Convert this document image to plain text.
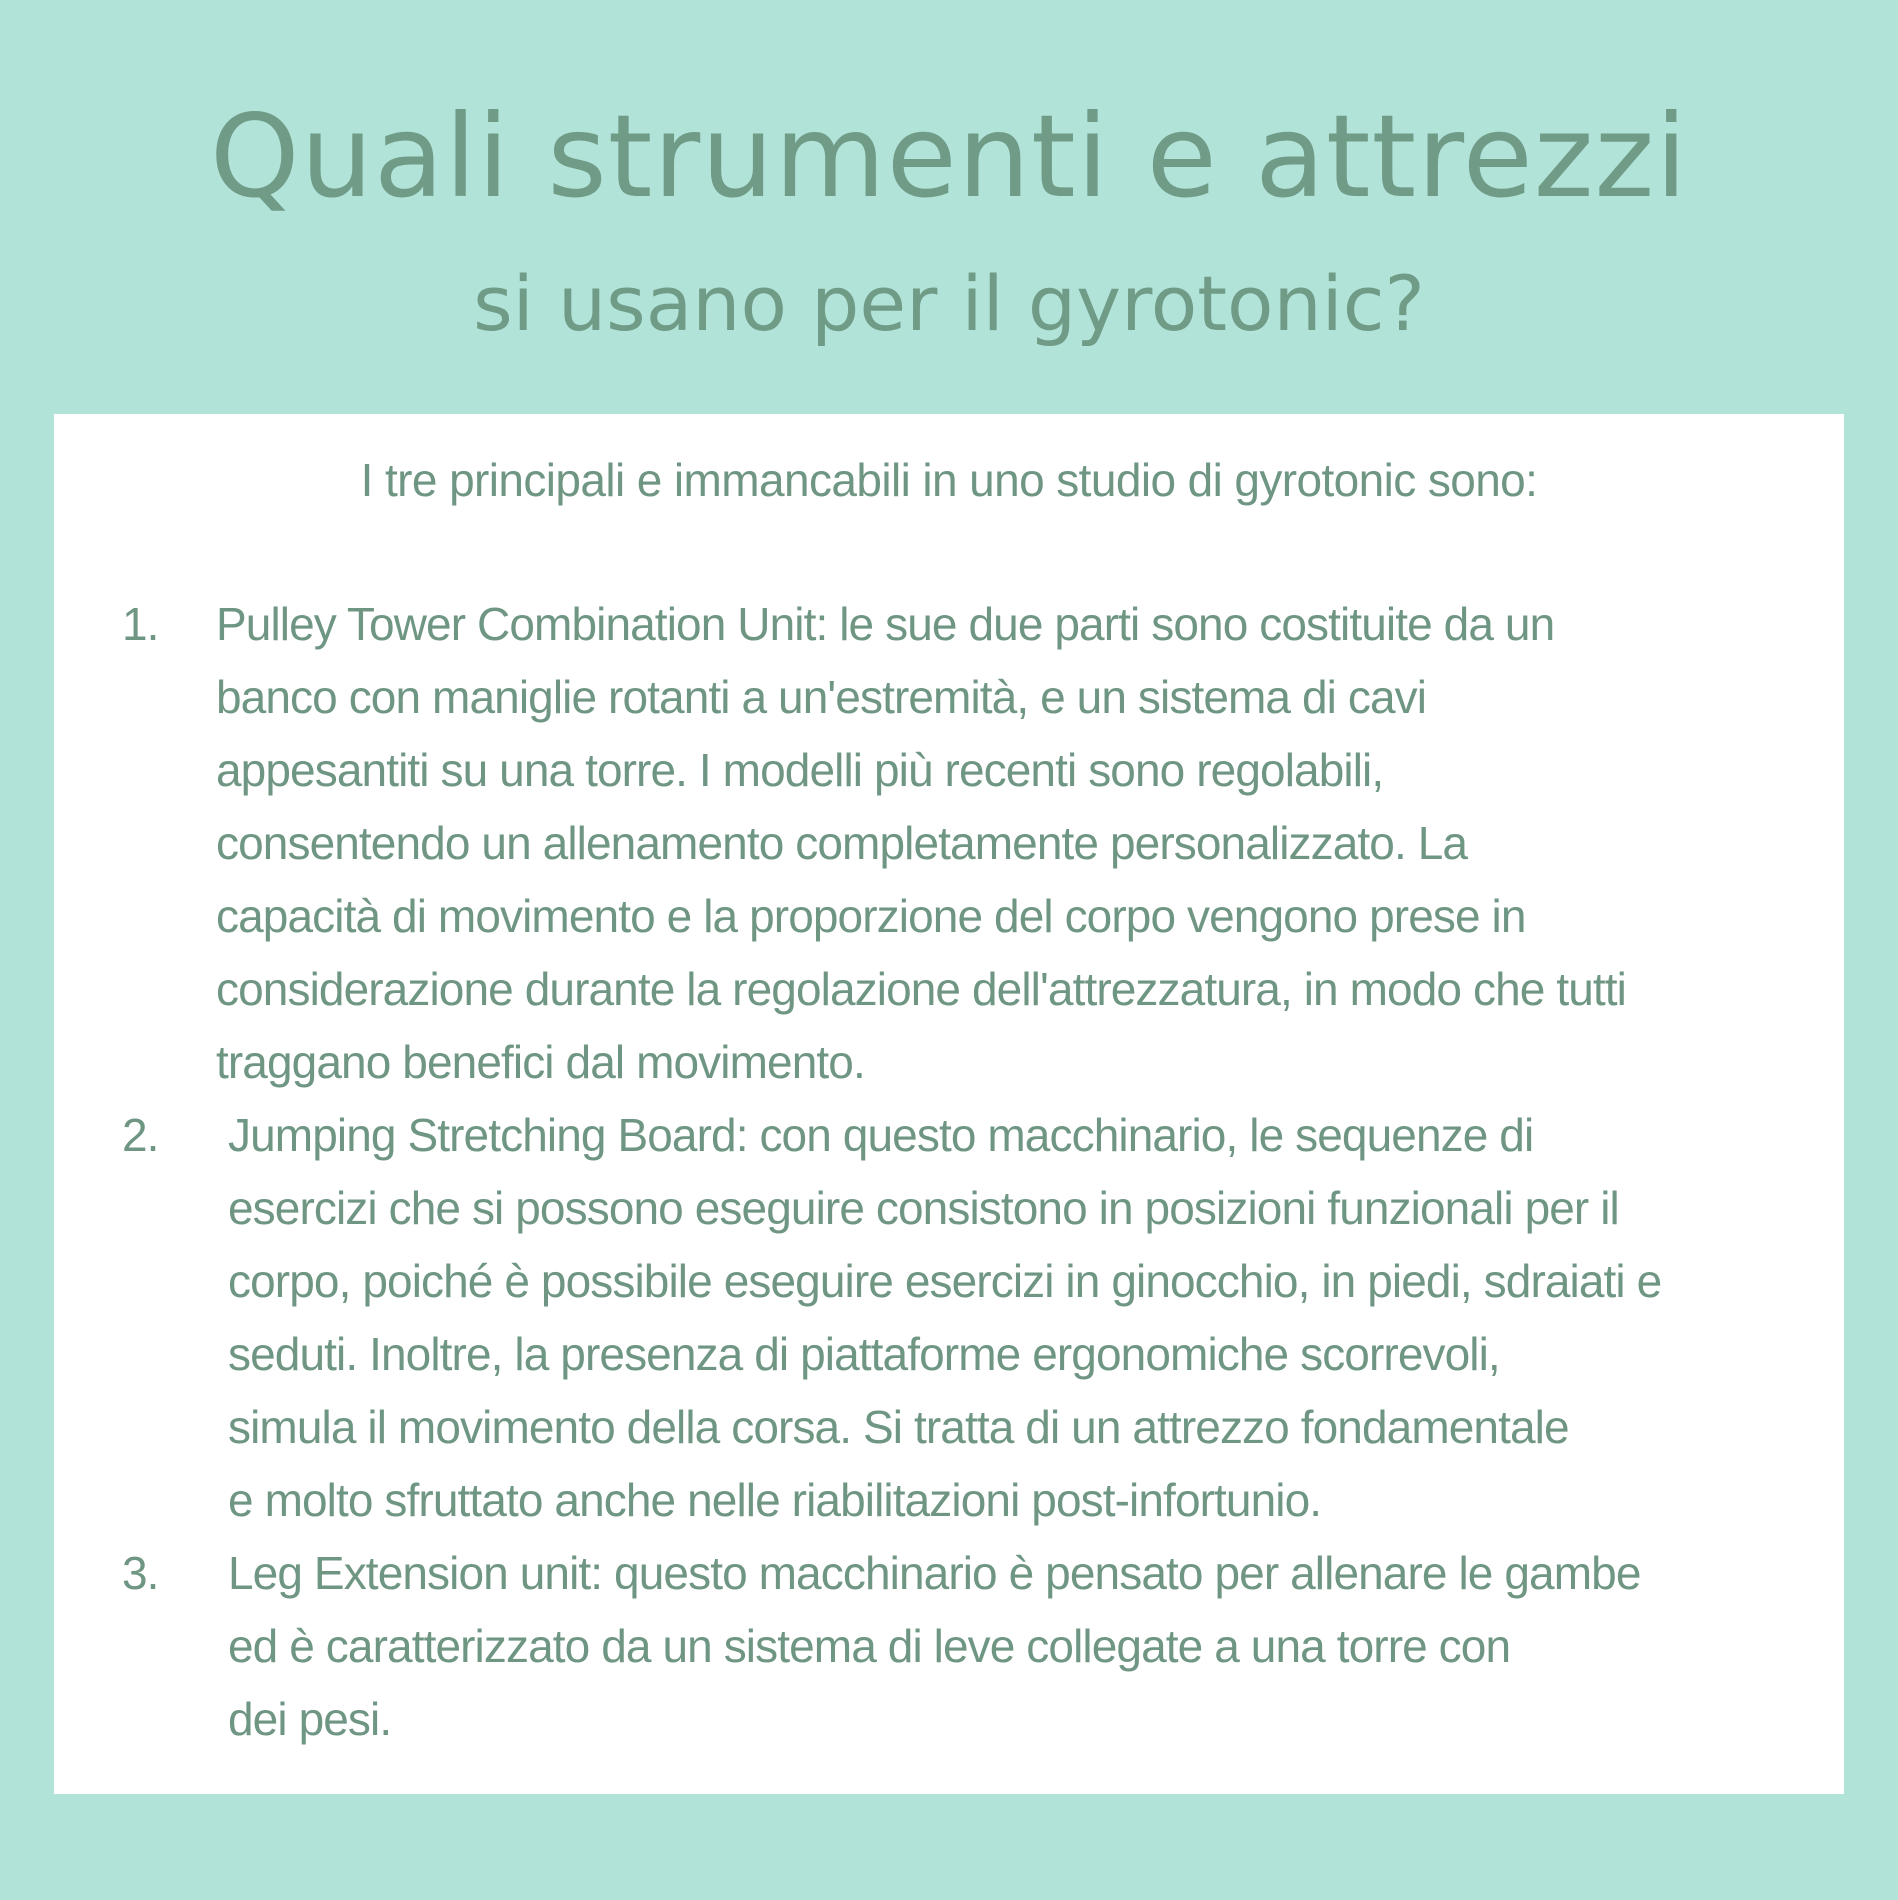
Quali strumenti e attrezzi
si usano per il gyrotonic?
I tre principali e immancabili in uno studio di gyrotonic sono:
1. Pulley Tower Combination Unit: le sue due parti sono costituite da un
banco con maniglie rotanti a un'estremità, e un sistema di cavi
appesantiti su una torre. I modelli più recenti sono regolabili,
consentendo un allenamento completamente personalizzato. La
capacità di movimento e la proporzione del corpo vengono prese in
considerazione durante la regolazione dell'attrezzatura, in modo che tutti
traggano benefici dal movimento.
2. Jumping Stretching Board: con questo macchinario, le sequenze di
esercizi che si possono eseguire consistono in posizioni funzionali per il
corpo, poiché è possibile eseguire esercizi in ginocchio, in piedi, sdraiati e
seduti. Inoltre, la presenza di piattaforme ergonomiche scorrevoli,
simula il movimento della corsa. Si tratta di un attrezzo fondamentale
e molto sfruttato anche nelle riabilitazioni post-infortunio.
3. Leg Extension unit: questo macchinario è pensato per allenare le gambe
ed è caratterizzato da un sistema di leve collegate a una torre con
dei pesi.
